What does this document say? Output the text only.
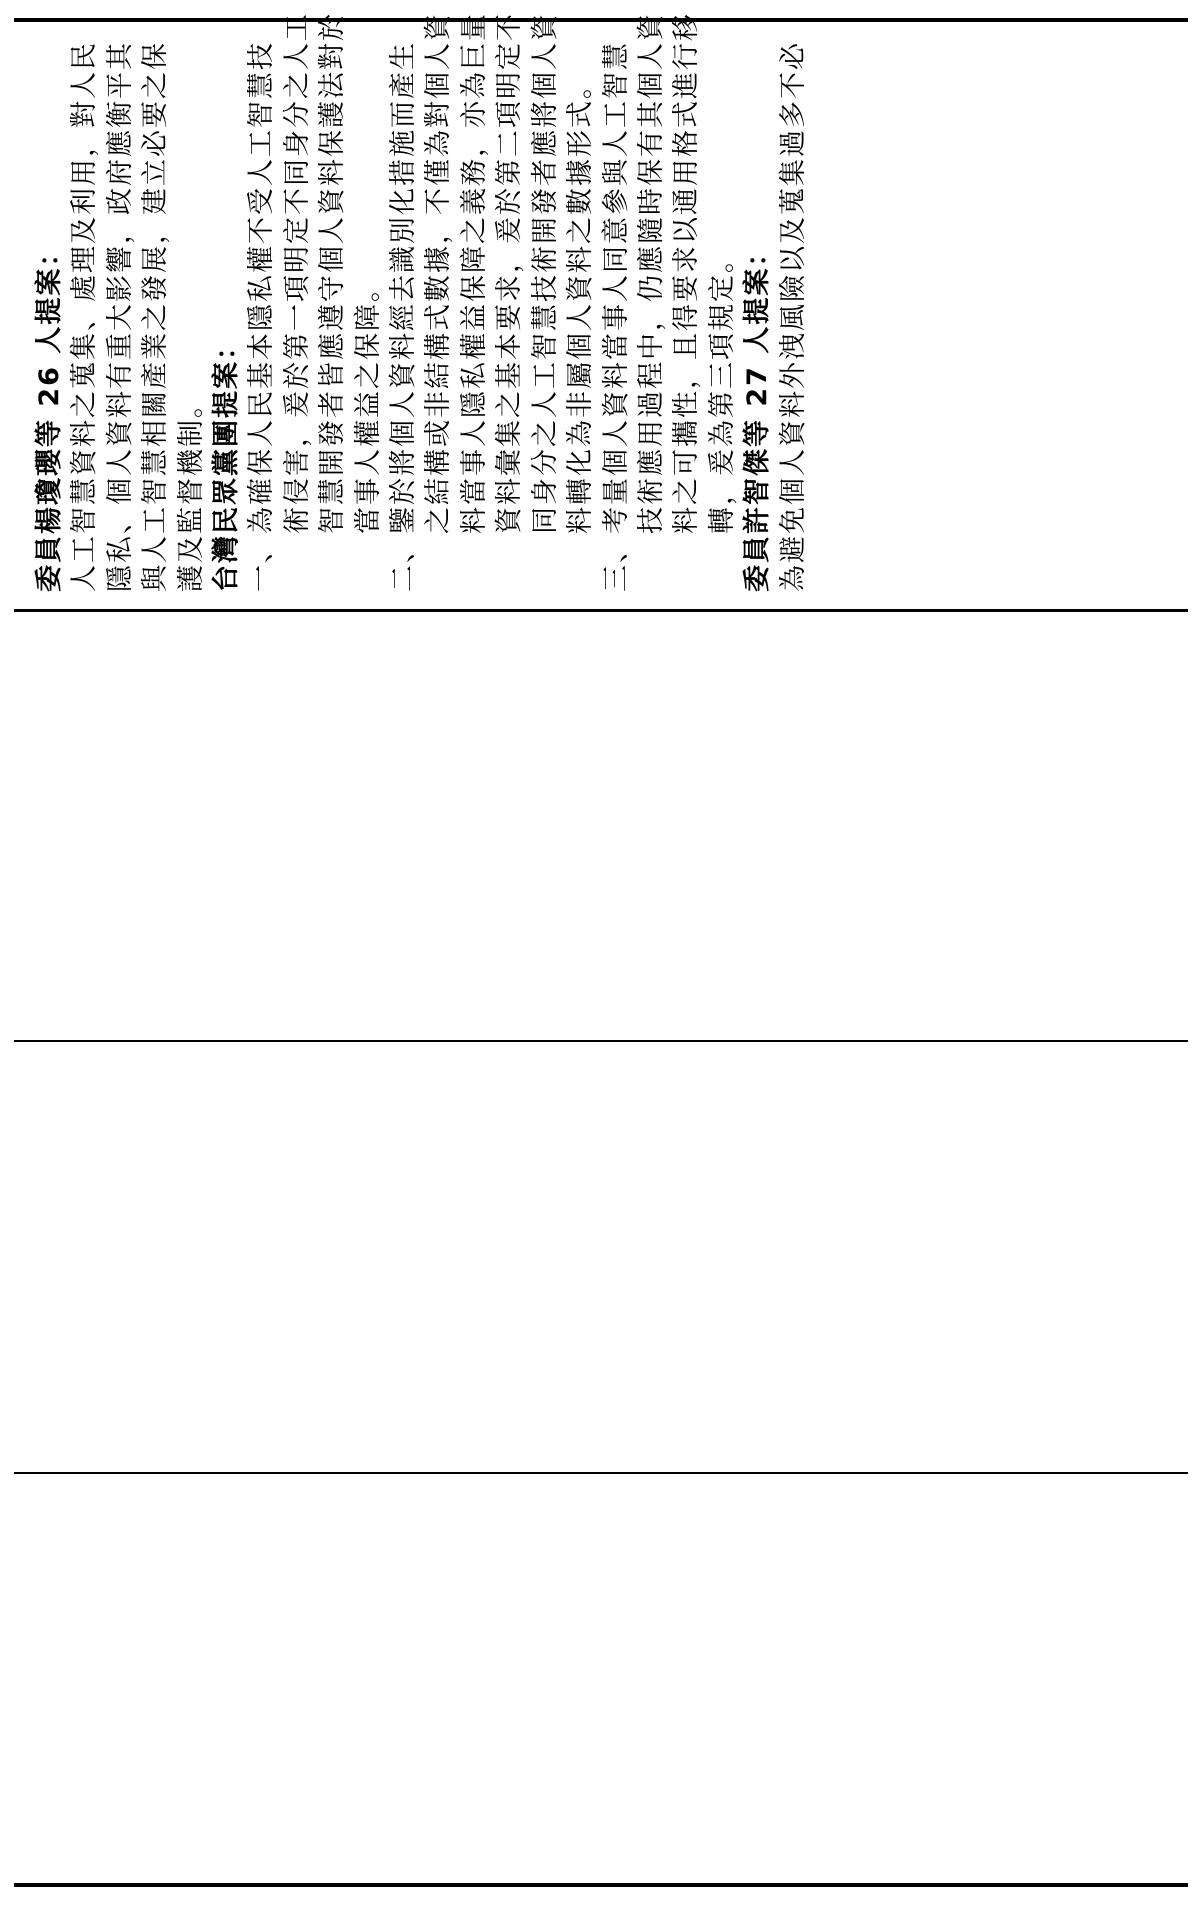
委員楊瓊瓔等 26 人提案： 人工智慧資料之蒐集、處理及利用，對人民 隱私、個人資料有重大影響，政府應衡平其 與人工智慧相關產業之發展，建立必要之保 護及監督機制。 台灣民眾黨團提案： 一、為確保人民基本隱私權不受人工智慧技 術侵害，爰於第一項明定不同身分之人工 智慧開發者皆應遵守個人資料保護法對於 當事人權益之保障。
二、鑒於將個人資料經去識別化措施而產生 之結構或非結構式數據，不僅為對個人資 料當事人隱私權益保障之義務，亦為巨量 資料彙集之基本要求，爰於第二項明定不 同身分之人工智慧技術開發者應將個人資 料轉化為非屬個人資料之數據形式。
三、考量個人資料當事人同意參與人工智慧 技術應用過程中，仍應隨時保有其個人資 料之可攜性，且得要求以通用格式進行移 轉，爰為第三項規定。 委員許智傑等 27 人提案： 為避免個人資料外洩風險以及蒐集過多不必
